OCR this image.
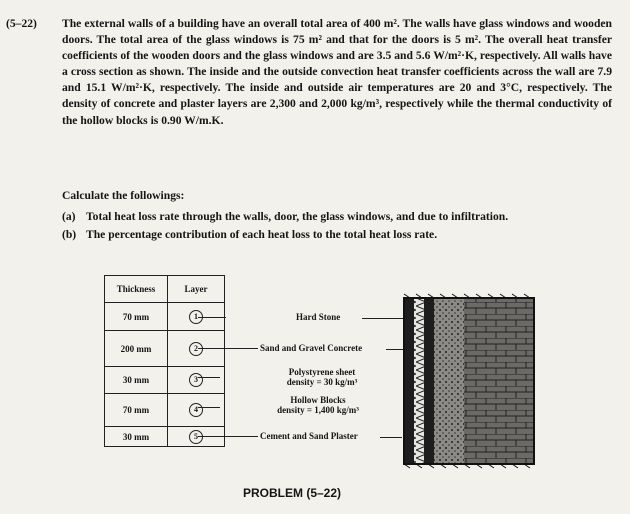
(5–22)	The external walls of a building have an overall total area of 400 m². The walls have glass windows and wooden doors. The total area of the glass windows is 75 m² and that for the doors is 5 m². The overall heat transfer coefficients of the wooden doors and the glass windows and are 3.5 and 5.6 W/m²·K, respectively. All walls have a cross section as shown. The inside and the outside convection heat transfer coefficients across the wall are 7.9 and 15.1 W/m²·K, respectively. The inside and outside air temperatures are 20 and 3°C, respectively. The density of concrete and plaster layers are 2,300 and 2,000 kg/m³, respectively while the thermal conductivity of the hollow blocks is 0.90 W/m.K.
Calculate the followings:
(a) Total heat loss rate through the walls, door, the glass windows, and due to infiltration.
(b) The percentage contribution of each heat loss to the total heat loss rate.
Thickness	Layer
70 mm	1
200 mm	2
30 mm	3
70 mm	4
30 mm	5
Hard Stone
Sand and Gravel Concrete
Polystyrene sheet
density = 30 kg/m³
Hollow Blocks
density = 1,400 kg/m³
Cement and Sand Plaster
PROBLEM (5–22)
